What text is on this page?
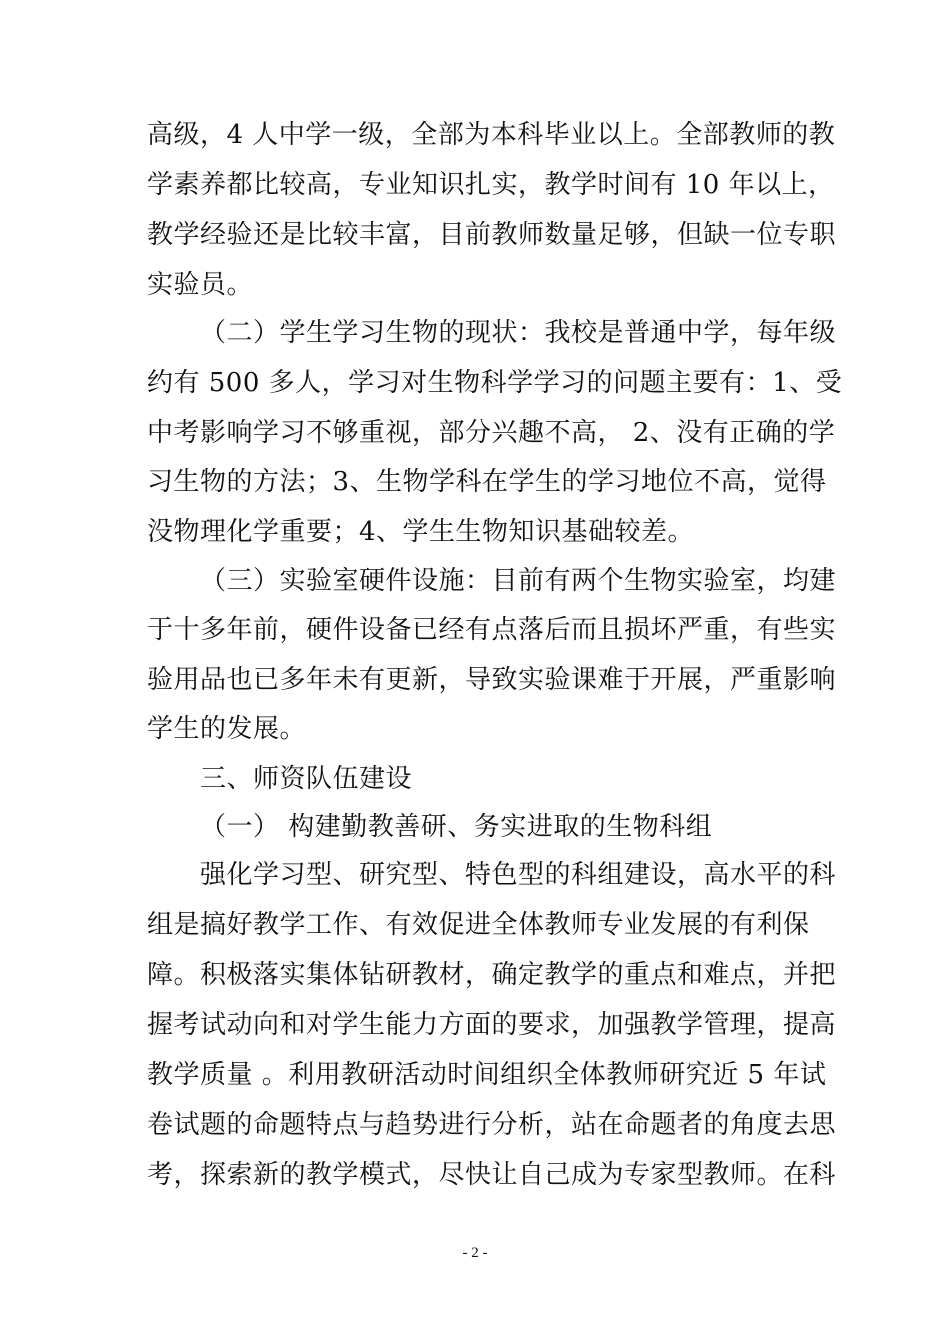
高级，4 人中学一级，全部为本科毕业以上。全部教师的教
学素养都比较高，专业知识扎实，教学时间有 10 年以上，
教学经验还是比较丰富，目前教师数量足够，但缺一位专职
实验员。
（二）学生学习生物的现状：我校是普通中学，每年级
约有 500 多人，学习对生物科学学习的问题主要有：1、受
中考影响学习不够重视，部分兴趣不高， 2、没有正确的学
习生物的方法；3、生物学科在学生的学习地位不高，觉得
没物理化学重要；4、学生生物知识基础较差。
（三）实验室硬件设施：目前有两个生物实验室，均建
于十多年前，硬件设备已经有点落后而且损坏严重，有些实
验用品也已多年未有更新，导致实验课难于开展，严重影响
学生的发展。
三、师资队伍建设
（一） 构建勤教善研、务实进取的生物科组
强化学习型、研究型、特色型的科组建设，高水平的科
组是搞好教学工作、有效促进全体教师专业发展的有利保
障。积极落实集体钻研教材，确定教学的重点和难点，并把
握考试动向和对学生能力方面的要求，加强教学管理，提高
教学质量 。利用教研活动时间组织全体教师研究近 5 年试
卷试题的命题特点与趋势进行分析，站在命题者的角度去思
考，探索新的教学模式，尽快让自己成为专家型教师。在科
- 2 -
